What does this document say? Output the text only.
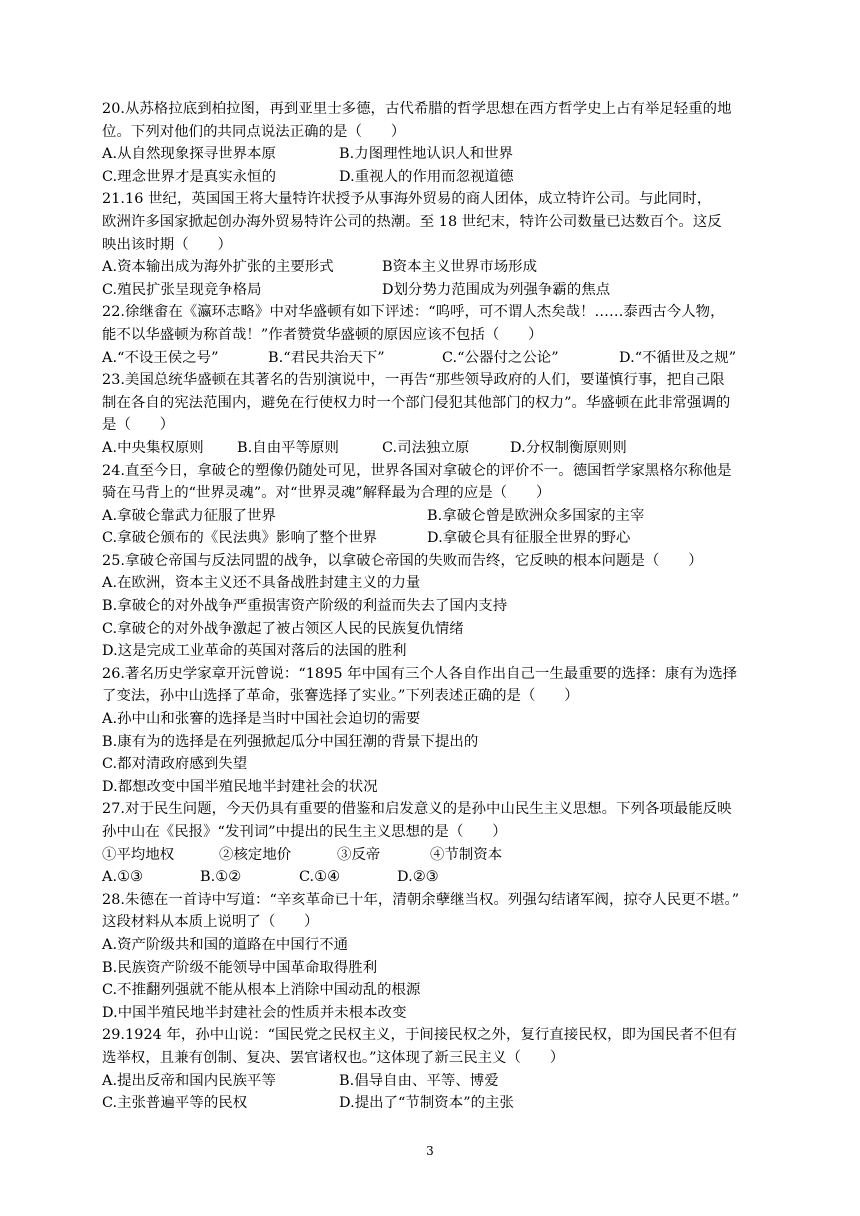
20.从苏格拉底到柏拉图，再到亚里士多德，古代希腊的哲学思想在西方哲学史上占有举足轻重的地
位。下列对他们的共同点说法正确的是（　　）
A.从自然现象探寻世界本原	B.力图理性地认识人和世界
C.理念世界才是真实永恒的	D.重视人的作用而忽视道德
21.16 世纪，英国国王将大量特许状授予从事海外贸易的商人团体，成立特许公司。与此同时，
欧洲许多国家掀起创办海外贸易特许公司的热潮。至 18 世纪末，特许公司数量已达数百个。这反
映出该时期（　　）
A.资本输出成为海外扩张的主要形式	B资本主义世界市场形成
C.殖民扩张呈现竞争格局	D划分势力范围成为列强争霸的焦点
22.徐继畬在《瀛环志略》中对华盛顿有如下评述：“呜呼，可不谓人杰矣哉！……泰西古今人物，
能不以华盛顿为称首哉！”作者赞赏华盛顿的原因应该不包括（　　）
A.“不设王侯之号”	B.“君民共治天下”	C.“公器付之公论”	D.“不循世及之规”
23.美国总统华盛顿在其著名的告别演说中，一再告“那些领导政府的人们，要谨慎行事，把自己限
制在各自的宪法范围内，避免在行使权力时一个部门侵犯其他部门的权力”。华盛顿在此非常强调的
是（　　）
A.中央集权原则 B.自由平等原则	C.司法独立原	D.分权制衡原则则
24.直至今日，拿破仑的塑像仍随处可见，世界各国对拿破仑的评价不一。德国哲学家黑格尔称他是
骑在马背上的“世界灵魂”。对“世界灵魂”解释最为合理的应是（　　）
A.拿破仑靠武力征服了世界	B.拿破仑曾是欧洲众多国家的主宰
C.拿破仑颁布的《民法典》影响了整个世界	D.拿破仑具有征服全世界的野心
25.拿破仑帝国与反法同盟的战争，以拿破仑帝国的失败而告终，它反映的根本问题是（　　）
A.在欧洲，资本主义还不具备战胜封建主义的力量
B.拿破仑的对外战争严重损害资产阶级的利益而失去了国内支持
C.拿破仑的对外战争激起了被占领区人民的民族复仇情绪
D.这是完成工业革命的英国对落后的法国的胜利
26.著名历史学家章开沅曾说：“1895 年中国有三个人各自作出自己一生最重要的选择：康有为选择
了变法，孙中山选择了革命，张謇选择了实业。”下列表述正确的是（　　）
A.孙中山和张謇的选择是当时中国社会迫切的需要
B.康有为的选择是在列强掀起瓜分中国狂潮的背景下提出的
C.都对清政府感到失望
D.都想改变中国半殖民地半封建社会的状况
27.对于民生问题，今天仍具有重要的借鉴和启发意义的是孙中山民生主义思想。下列各项最能反映
孙中山在《民报》“发刊词”中提出的民生主义思想的是（　　）
①平均地权	②核定地价	③反帝	④节制资本
A.①③	B.①②	C.①④	D.②③
28.朱德在一首诗中写道：“辛亥革命已十年，清朝余孽继当权。列强勾结诸军阀，掠夺人民更不堪。”
这段材料从本质上说明了（　　）
A.资产阶级共和国的道路在中国行不通
B.民族资产阶级不能领导中国革命取得胜利
C.不推翻列强就不能从根本上消除中国动乱的根源
D.中国半殖民地半封建社会的性质并未根本改变
29.1924 年，孙中山说：“国民党之民权主义，于间接民权之外，复行直接民权，即为国民者不但有
选举权，且兼有创制、复决、罢官诸权也。”这体现了新三民主义（　　）
A.提出反帝和国内民族平等	B.倡导自由、平等、博爱
C.主张普遍平等的民权	D.提出了“节制资本”的主张
3
